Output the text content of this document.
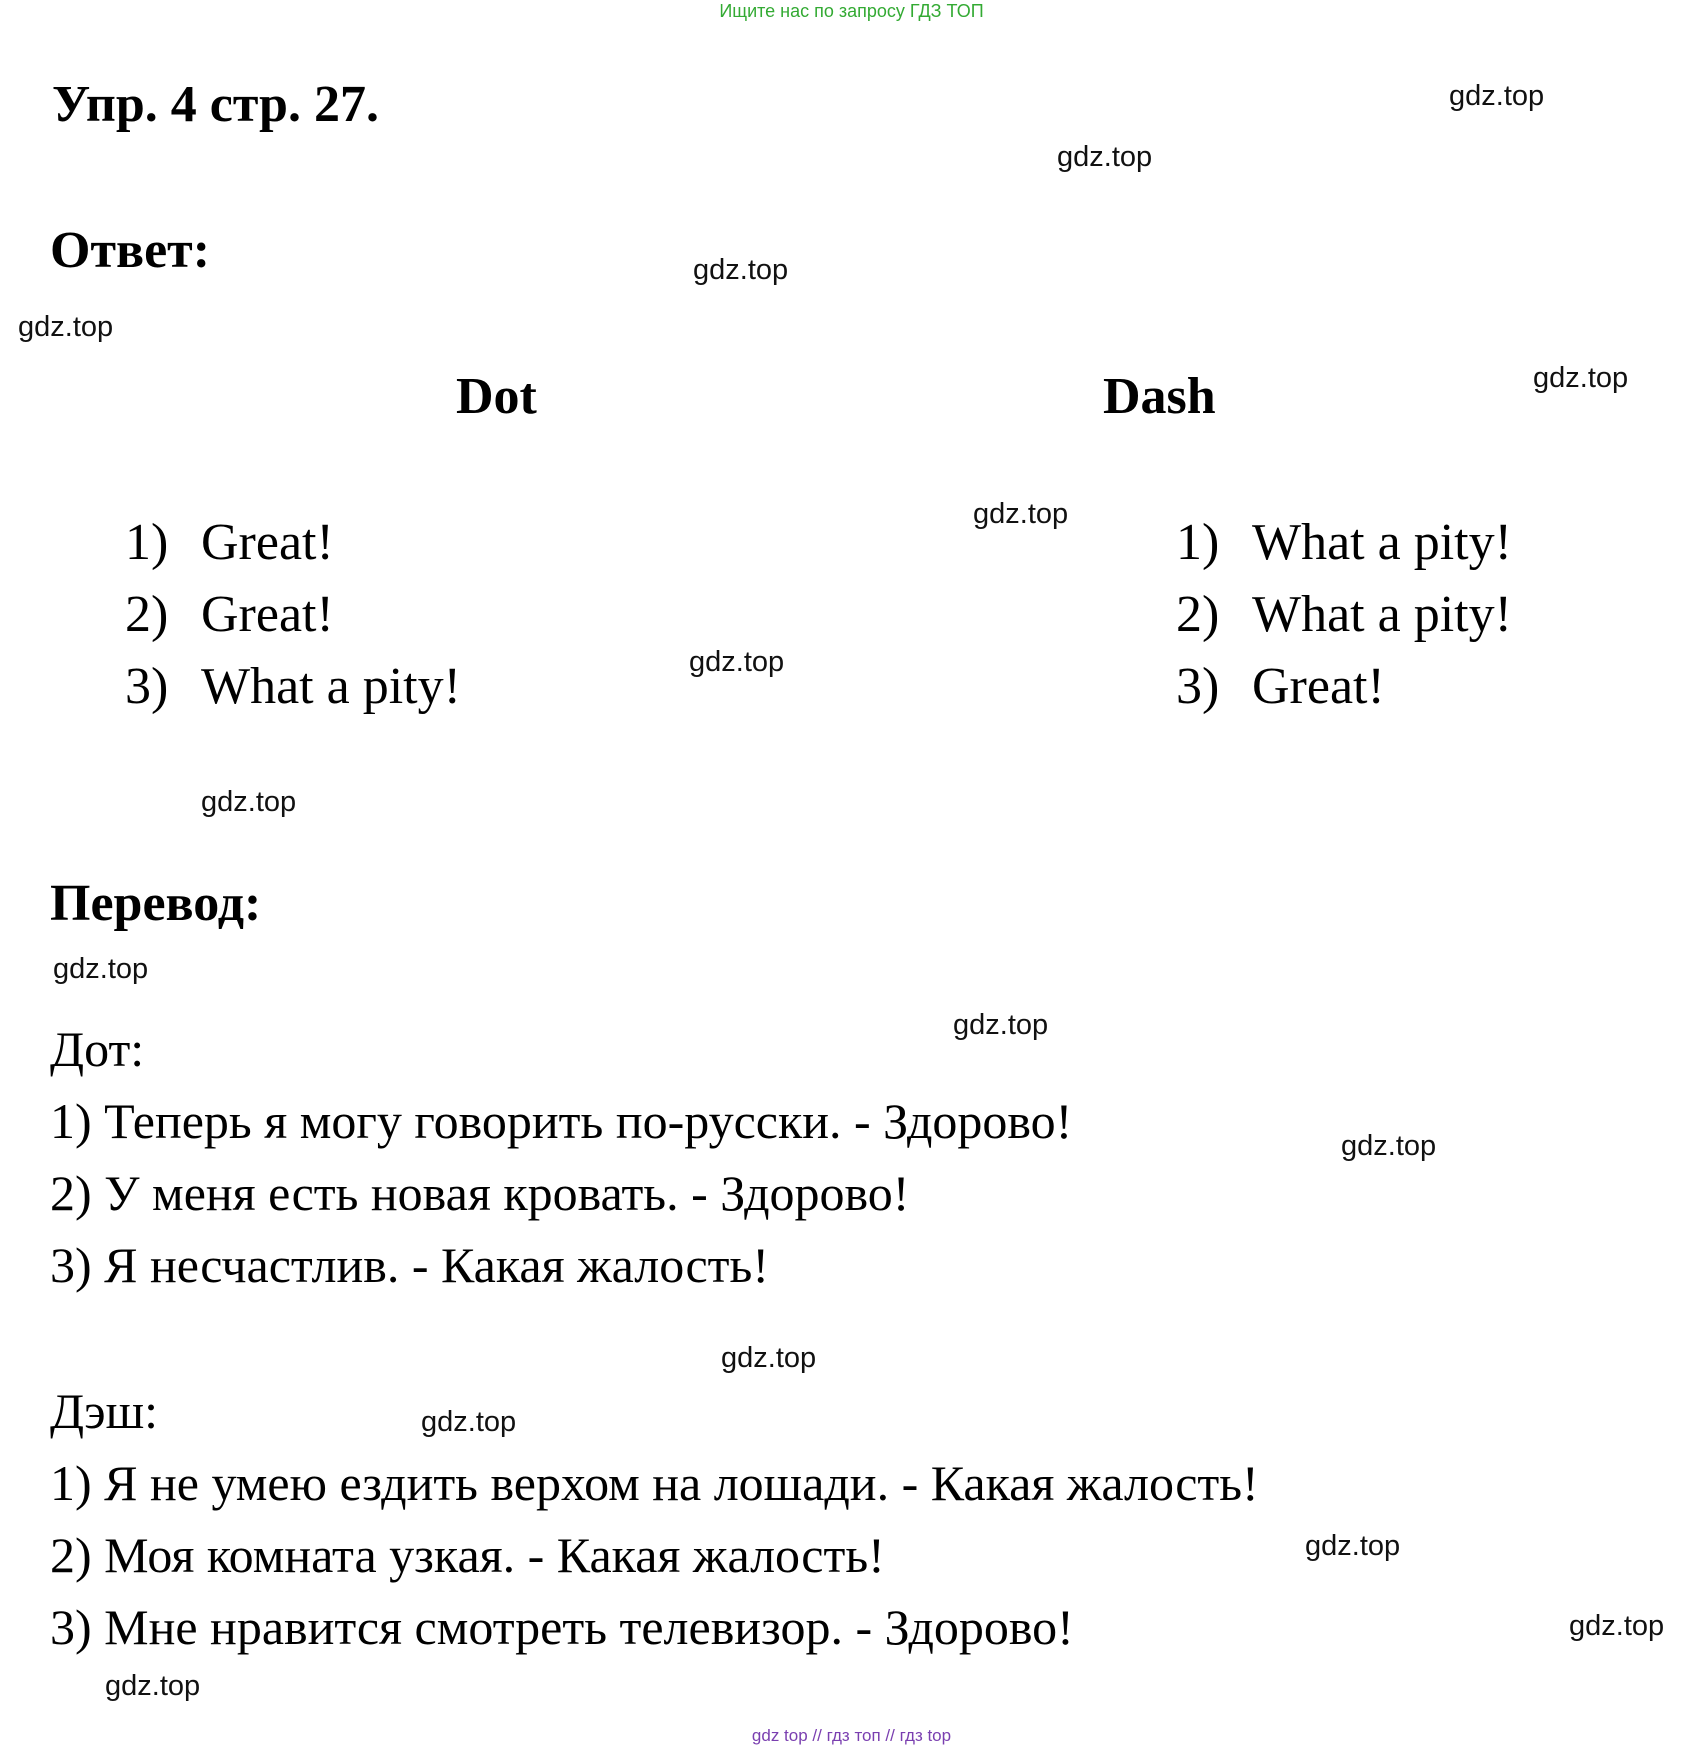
Ищите нас по запросу ГДЗ ТОП
Упр. 4 стр. 27.
Ответ:
Dot	Dash
1) Great!
2) Great!
3) What a pity!
1) What a pity!
2) What a pity!
3) Great!
Перевод:
Дот:
1) Теперь я могу говорить по-русски. - Здорово!
2) У меня есть новая кровать. - Здорово!
3) Я несчастлив. - Какая жалость!
Дэш:
1) Я не умею ездить верхом на лошади. - Какая жалость!
2) Моя комната узкая. - Какая жалость!
3) Мне нравится смотреть телевизор. - Здорово!
gdz.top
gdz.top
gdz.top
gdz.top
gdz.top
gdz.top
gdz.top
gdz.top
gdz.top
gdz.top
gdz.top
gdz.top
gdz.top
gdz.top
gdz.top
gdz.top
gdz top // гдз топ // гдз top
